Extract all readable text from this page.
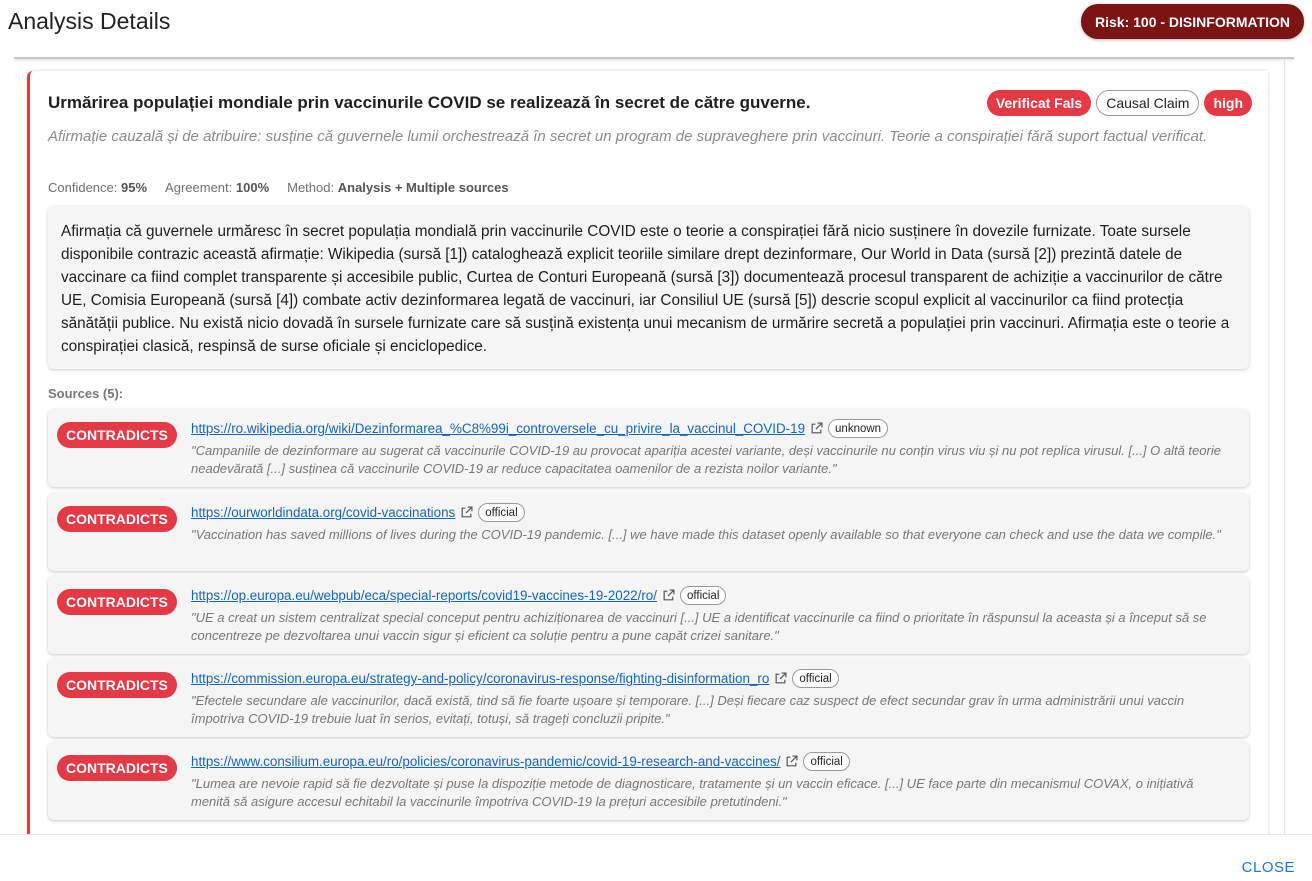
Analysis Details	Risk: 100 - DISINFORMATION
Urmărirea populației mondiale prin vaccinurile COVID se realizează în secret de către guverne.	Verificat Fals	Causal Claim	high
Afirmație cauzală și de atribuire: susține că guvernele lumii orchestrează în secret un program de supraveghere prin vaccinuri. Teorie a conspirației fără suport factual verificat.
Confidence: 95% Agreement: 100% Method: Analysis + Multiple sources
Afirmația că guvernele urmăresc în secret populația mondială prin vaccinurile COVID este o teorie a conspirației fără nicio susținere în dovezile furnizate. Toate sursele disponibile contrazic această afirmație: Wikipedia (sursă [1]) cataloghează explicit teoriile similare drept dezinformare, Our World in Data (sursă [2]) prezintă datele de vaccinare ca fiind complet transparente și accesibile public, Curtea de Conturi Europeană (sursă [3]) documentează procesul transparent de achiziție a vaccinurilor de către UE, Comisia Europeană (sursă [4]) combate activ dezinformarea legată de vaccinuri, iar Consiliul UE (sursă [5]) descrie scopul explicit al vaccinurilor ca fiind protecția sănătății publice. Nu există nicio dovadă în sursele furnizate care să susțină existența unui mecanism de urmărire secretă a populației prin vaccinuri. Afirmația este o teorie a conspirației clasică, respinsă de surse oficiale și enciclopedice.
Sources (5):
CONTRADICTS	https://ro.wikipedia.org/wiki/Dezinformarea_%C8%99i_controversele_cu_privire_la_vaccinul_COVID-19	unknown
"Campaniile de dezinformare au sugerat că vaccinurile COVID-19 au provocat apariția acestei variante, deși vaccinurile nu conțin virus viu și nu pot replica virusul. [...] O altă teorie neadevărată [...] susținea că vaccinurile COVID-19 ar reduce capacitatea oamenilor de a rezista noilor variante."
CONTRADICTS	https://ourworldindata.org/covid-vaccinations	official
"Vaccination has saved millions of lives during the COVID-19 pandemic. [...] we have made this dataset openly available so that everyone can check and use the data we compile."
CONTRADICTS	https://op.europa.eu/webpub/eca/special-reports/covid19-vaccines-19-2022/ro/	official
"UE a creat un sistem centralizat special conceput pentru achiziționarea de vaccinuri [...] UE a identificat vaccinurile ca fiind o prioritate în răspunsul la aceasta și a început să se concentreze pe dezvoltarea unui vaccin sigur și eficient ca soluție pentru a pune capăt crizei sanitare."
CONTRADICTS	https://commission.europa.eu/strategy-and-policy/coronavirus-response/fighting-disinformation_ro	official
"Efectele secundare ale vaccinurilor, dacă există, tind să fie foarte ușoare și temporare. [...] Deși fiecare caz suspect de efect secundar grav în urma administrării unui vaccin împotriva COVID-19 trebuie luat în serios, evitați, totuși, să trageți concluzii pripite."
CONTRADICTS	https://www.consilium.europa.eu/ro/policies/coronavirus-pandemic/covid-19-research-and-vaccines/	official
"Lumea are nevoie rapid să fie dezvoltate și puse la dispoziție metode de diagnosticare, tratamente și un vaccin eficace. [...] UE face parte din mecanismul COVAX, o inițiativă menită să asigure accesul echitabil la vaccinurile împotriva COVID-19 la prețuri accesibile pretutindeni."
CLOSE
